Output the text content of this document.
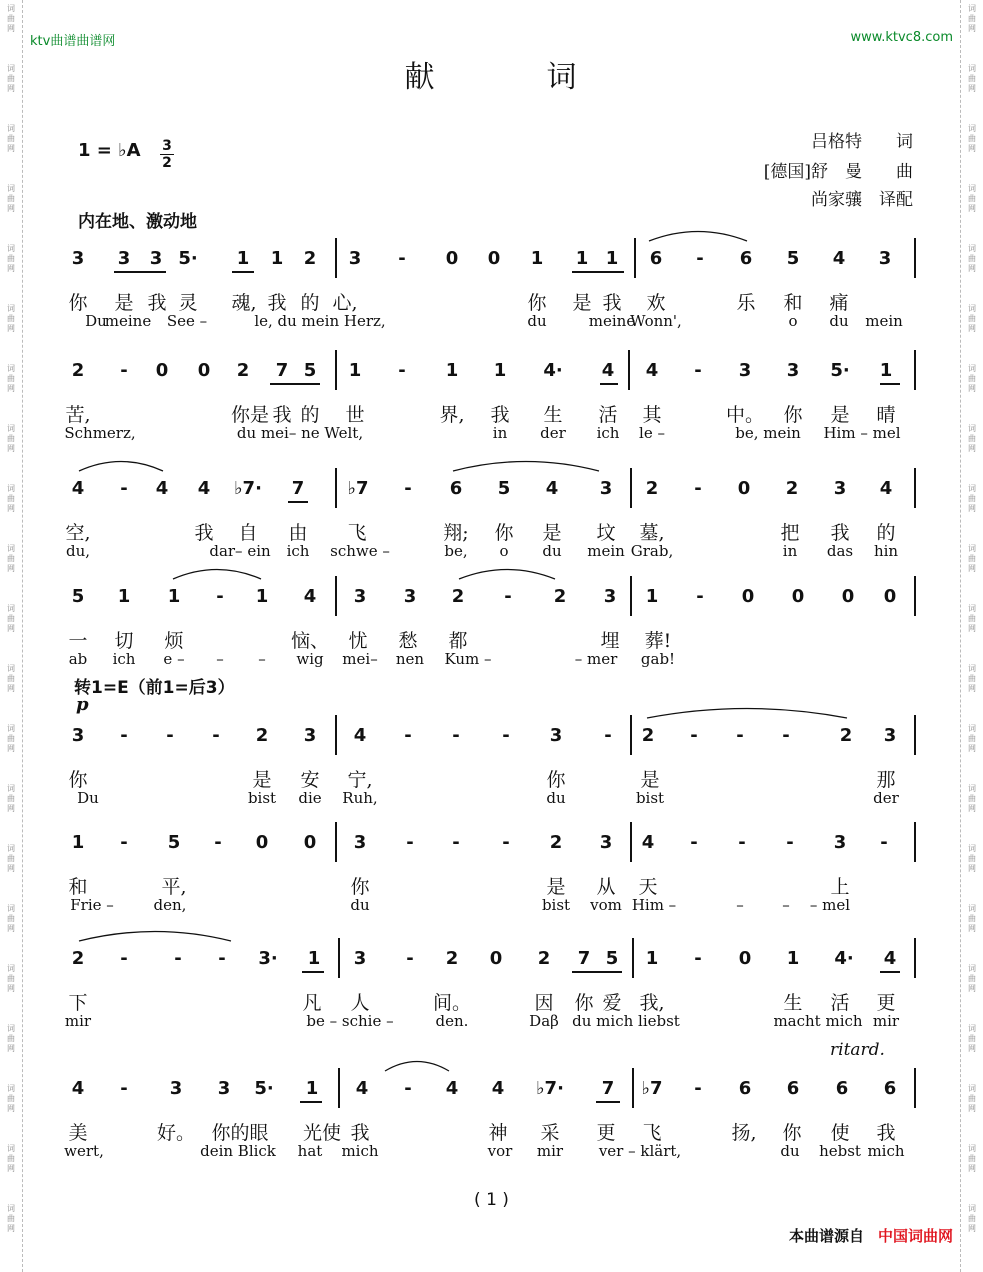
词
曲
网
词
曲
网
词
曲
网
词
曲
网
词
曲
网
词
曲
网
词
曲
网
词
曲
网
词
曲
网
词
曲
网
词
曲
网
词
曲
网
词
曲
网
词
曲
网
词
曲
网
词
曲
网
词
曲
网
词
曲
网
词
曲
网
词
曲
网
词
曲
网
词
曲
网
词
曲
网
词
曲
网
词
曲
网
词
曲
网
词
曲
网
词
曲
网
词
曲
网
词
曲
网
词
曲
网
词
曲
网
词
曲
网
词
曲
网
词
曲
网
词
曲
网
词
曲
网
词
曲
网
词
曲
网
词
曲
网
词
曲
网
词
曲
网
ktv曲谱曲谱网	www.ktvc8.com
献	词
1 = ♭A 3
2
吕格特　　词
[德国]舒　曼　　曲
尚家骧　译配
内在地、激动地
转1=E（前1=后3）
p
ritard.
3 3 3 5· 1 1 2 3 - 0 0 1 1 1 6 - 6 5 4 3
你 是 我 灵 魂, 我 的 心,	你 是 我 欢	乐 和 痛
Du
meine See –	le, du mein Herz,	du	meine
Wonn',	o du mein
2 - 0 0 2 7 5 1 - 1 1 4· 4 4 - 3 3 5· 1
苦,	你是 我 的 世	界, 我 生 活 其	中。 你 是 晴
Schmerz,	du mei– ne Welt,	in der ich le –	be, mein Him – mel
4 - 4 4 ♭7· 7 ♭7 - 6 5 4 3 2 - 0 2 3 4
空,	我 自 由 飞	翔; 你 是 坟 墓,	把 我 的
du,	dar– ein ich schwe –	be, o du mein Grab,	in das hin
5 1 1 - 1 4 3 3 2 - 2 3 1 - 0 0 0 0
一 切 烦	恼、 忧 愁 都	埋 葬!
ab ich e – – – wig mei– nen Kum –	– mer gab!
3 - - - 2 3 4 - - - 3 - 2 - - -	2 3
你	是 安 宁,	你	是	那
Du	bist die Ruh,	du	bist	der
1 - 5 - 0 0 3 - - - 2 3 4 - - - 3 -
和	平,	你	是 从 天	上
Frie –	den,	du	bist vom Him –	–	– – mel
2 -	- - 3· 1 3 - 2 0 2 7 5 1 - 0 1 4· 4
下	凡 人	间。	因 你 爱 我,	生 活 更
mir	be – schie –	den.	Daβ du mich liebst	macht mich mir
4 - 3 3 5· 1 4 - 4 4 ♭7· 7 ♭7 - 6 6 6 6
美	好。 你的眼 光使 我	神 采 更 飞	扬, 你 使 我
wert,	dein Blick hat mich	vor mir ver – klärt,	du hebst mich
( 1 )
本曲谱源自 中国词曲网
